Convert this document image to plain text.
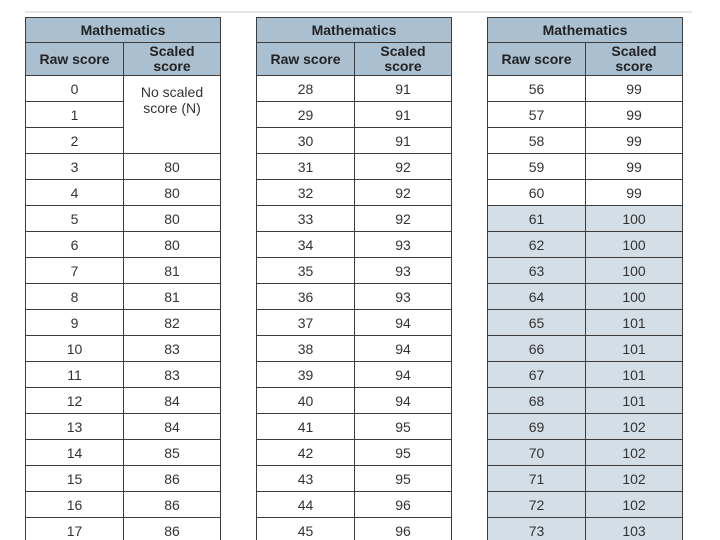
Mathematics	
Raw score	Scaled
score
0	No scaled
score (N)
1	
2	
3	80
4	80
5	80
6	80
7	81
8	81
9	82
10	83
11	83
12	84
13	84
14	85
15	86
16	86
17	86
Mathematics	
Raw score	Scaled
score
28	91
29	91
30	91
31	92
32	92
33	92
34	93
35	93
36	93
37	94
38	94
39	94
40	94
41	95
42	95
43	95
44	96
45	96
Mathematics	
Raw score	Scaled
score
56	99
57	99
58	99
59	99
60	99
61	100
62	100
63	100
64	100
65	101
66	101
67	101
68	101
69	102
70	102
71	102
72	102
73	103
